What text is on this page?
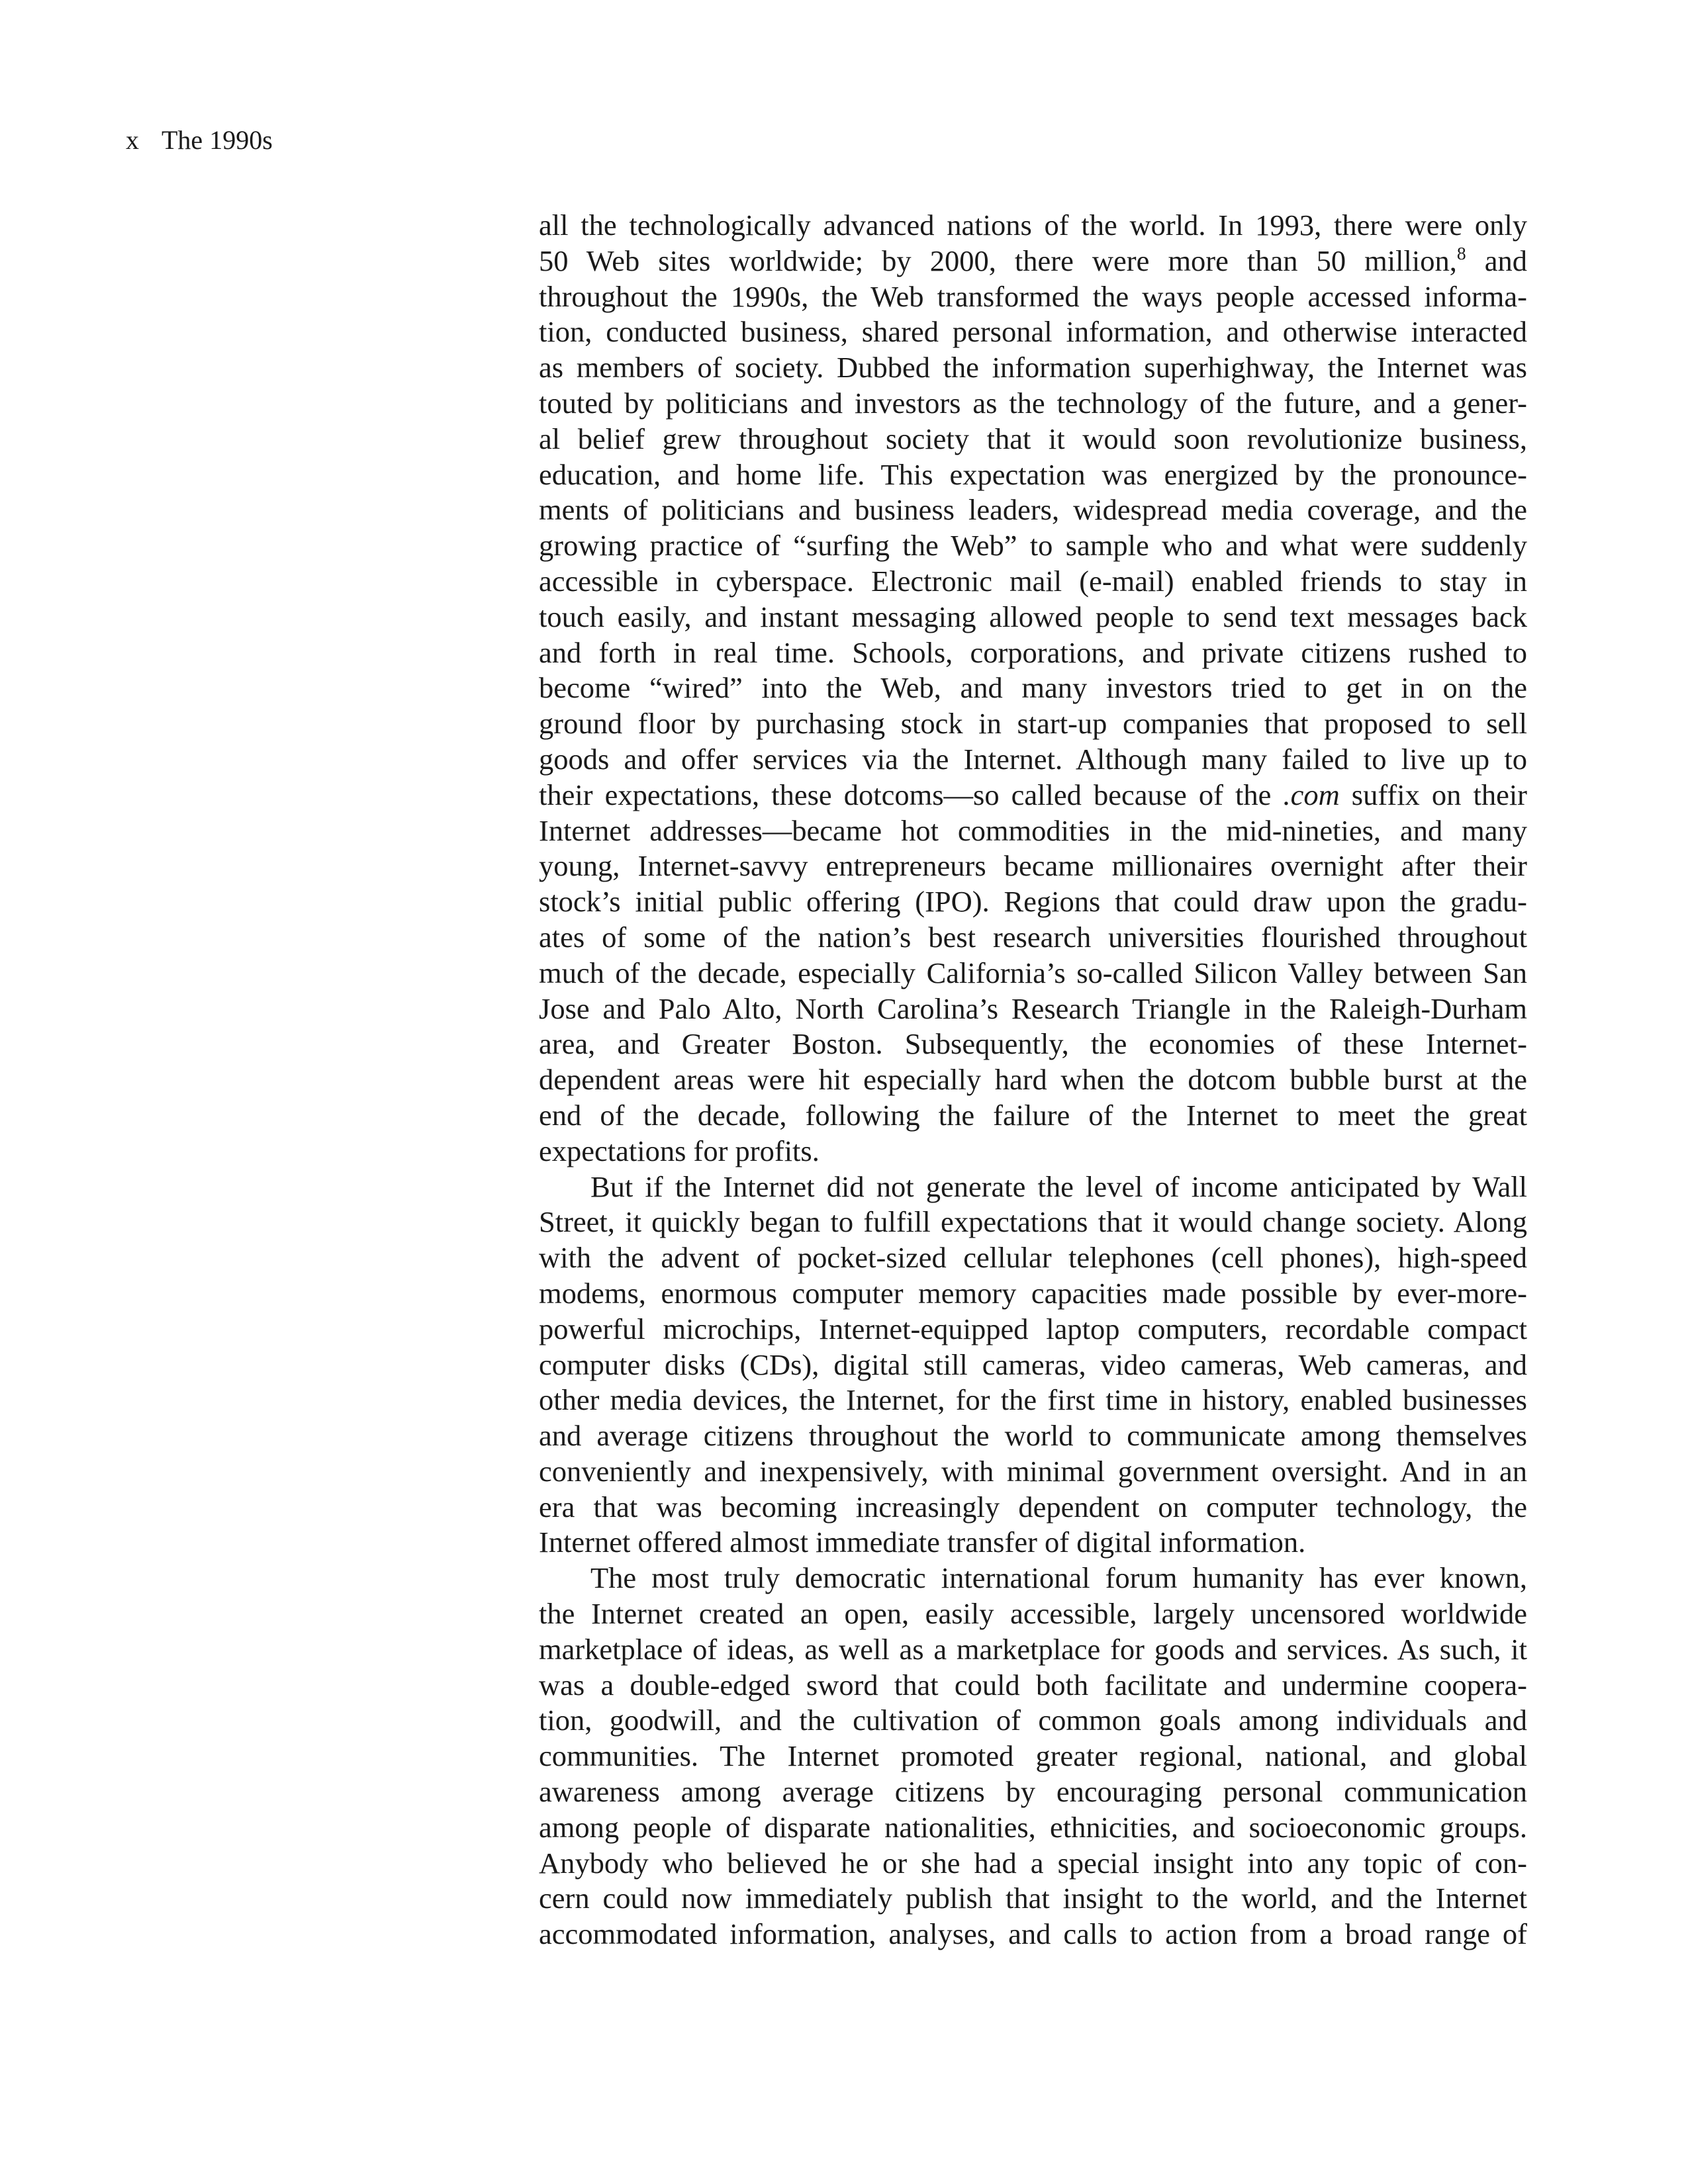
x The 1990s
all the technologically advanced nations of the world. In 1993, there were only
50 Web sites worldwide; by 2000, there were more than 50 million,$^8$ and
throughout the 1990s, the Web transformed the ways people accessed informa-
tion, conducted business, shared personal information, and otherwise interacted
as members of society. Dubbed the information superhighway, the Internet was
touted by politicians and investors as the technology of the future, and a gener-
al belief grew throughout society that it would soon revolutionize business,
education, and home life. This expectation was energized by the pronounce-
ments of politicians and business leaders, widespread media coverage, and the
growing practice of “surfing the Web” to sample who and what were suddenly
accessible in cyberspace. Electronic mail (e-mail) enabled friends to stay in
touch easily, and instant messaging allowed people to send text messages back
and forth in real time. Schools, corporations, and private citizens rushed to
become “wired” into the Web, and many investors tried to get in on the
ground floor by purchasing stock in start-up companies that proposed to sell
goods and offer services via the Internet. Although many failed to live up to
their expectations, these dotcoms—so called because of the .com suffix on their
Internet addresses—became hot commodities in the mid-nineties, and many
young, Internet-savvy entrepreneurs became millionaires overnight after their
stock’s initial public offering (IPO). Regions that could draw upon the gradu-
ates of some of the nation’s best research universities flourished throughout
much of the decade, especially California’s so-called Silicon Valley between San
Jose and Palo Alto, North Carolina’s Research Triangle in the Raleigh-Durham
area, and Greater Boston. Subsequently, the economies of these Internet-
dependent areas were hit especially hard when the dotcom bubble burst at the
end of the decade, following the failure of the Internet to meet the great
expectations for profits.
But if the Internet did not generate the level of income anticipated by Wall
Street, it quickly began to fulfill expectations that it would change society. Along
with the advent of pocket-sized cellular telephones (cell phones), high-speed
modems, enormous computer memory capacities made possible by ever-more-
powerful microchips, Internet-equipped laptop computers, recordable compact
computer disks (CDs), digital still cameras, video cameras, Web cameras, and
other media devices, the Internet, for the first time in history, enabled businesses
and average citizens throughout the world to communicate among themselves
conveniently and inexpensively, with minimal government oversight. And in an
era that was becoming increasingly dependent on computer technology, the
Internet offered almost immediate transfer of digital information.
The most truly democratic international forum humanity has ever known,
the Internet created an open, easily accessible, largely uncensored worldwide
marketplace of ideas, as well as a marketplace for goods and services. As such, it
was a double-edged sword that could both facilitate and undermine coopera-
tion, goodwill, and the cultivation of common goals among individuals and
communities. The Internet promoted greater regional, national, and global
awareness among average citizens by encouraging personal communication
among people of disparate nationalities, ethnicities, and socioeconomic groups.
Anybody who believed he or she had a special insight into any topic of con-
cern could now immediately publish that insight to the world, and the Internet
accommodated information, analyses, and calls to action from a broad range of
